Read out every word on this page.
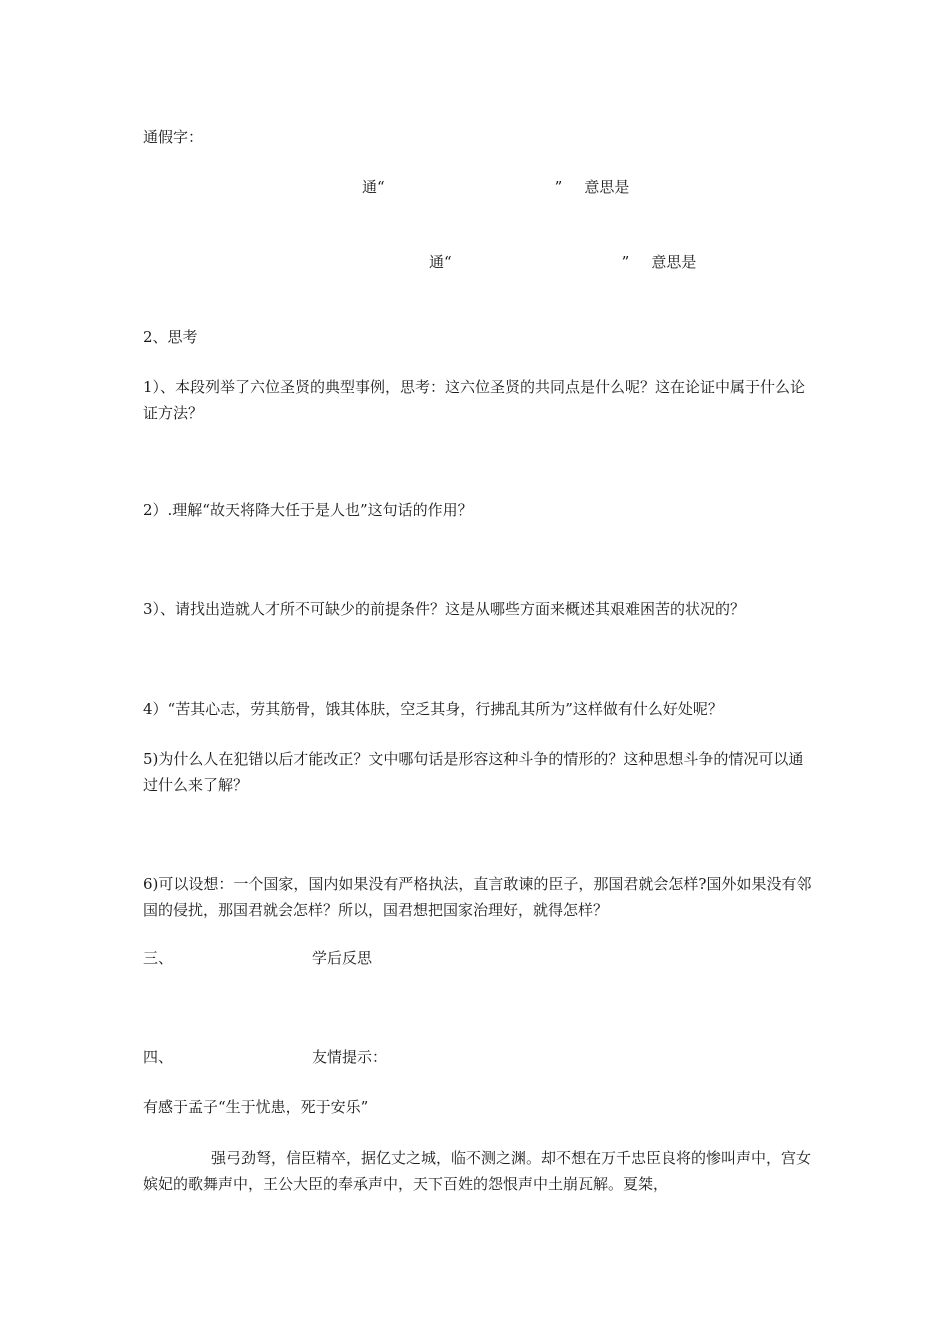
通假字：
通“	” 意思是
通“	” 意思是
2、思考
1）、本段列举了六位圣贤的典型事例，思考：这六位圣贤的共同点是什么呢？这在论证中属于什么论证方法？
2）.理解“故天将降大任于是人也”这句话的作用？
3）、请找出造就人才所不可缺少的前提条件？这是从哪些方面来概述其艰难困苦的状况的？
4）“苦其心志，劳其筋骨，饿其体肤，空乏其身，行拂乱其所为”这样做有什么好处呢？
5)为什么人在犯错以后才能改正？文中哪句话是形容这种斗争的情形的？这种思想斗争的情况可以通过什么来了解？
6)可以设想：一个国家，国内如果没有严格执法，直言敢谏的臣子，那国君就会怎样?国外如果没有邻国的侵扰，那国君就会怎样？所以，国君想把国家治理好，就得怎样？
三、	学后反思
四、	友情提示：
有感于孟子“生于忧患，死于安乐”
强弓劲弩，信臣精卒，据亿丈之城，临不测之渊。却不想在万千忠臣良将的惨叫声中，宫女嫔妃的歌舞声中，王公大臣的奉承声中，天下百姓的怨恨声中土崩瓦解。夏桀，
